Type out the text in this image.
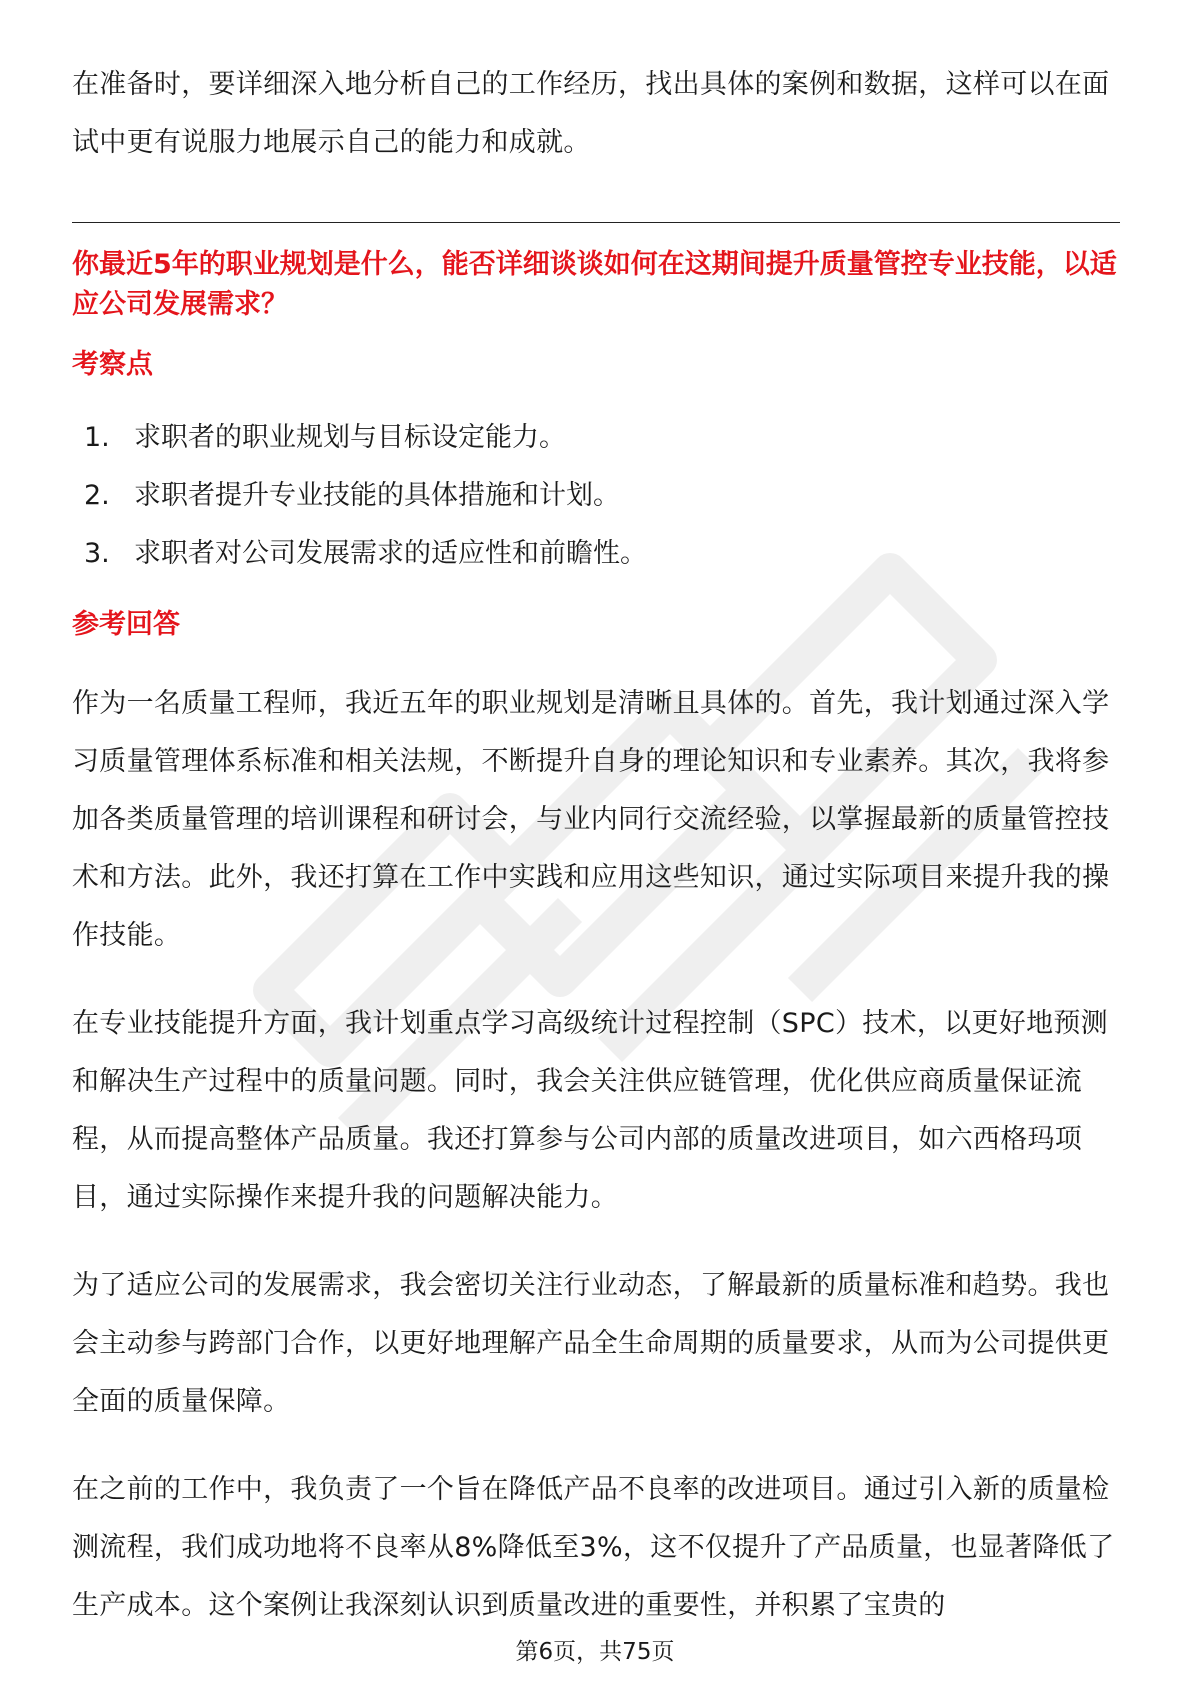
在准备时，要详细深入地分析自己的工作经历，找出具体的案例和数据，这样可以在面试中更有说服力地展示自己的能力和成就。

你最近5年的职业规划是什么，能否详细谈谈如何在这期间提升质量管控专业技能，以适应公司发展需求？

考察点

1. 求职者的职业规划与目标设定能力。
2. 求职者提升专业技能的具体措施和计划。
3. 求职者对公司发展需求的适应性和前瞻性。

参考回答

作为一名质量工程师，我近五年的职业规划是清晰且具体的。首先，我计划通过深入学习质量管理体系标准和相关法规，不断提升自身的理论知识和专业素养。其次，我将参加各类质量管理的培训课程和研讨会，与业内同行交流经验，以掌握最新的质量管控技术和方法。此外，我还打算在工作中实践和应用这些知识，通过实际项目来提升我的操作技能。

在专业技能提升方面，我计划重点学习高级统计过程控制（SPC）技术，以更好地预测和解决生产过程中的质量问题。同时，我会关注供应链管理，优化供应商质量保证流程，从而提高整体产品质量。我还打算参与公司内部的质量改进项目，如六西格玛项目，通过实际操作来提升我的问题解决能力。

为了适应公司的发展需求，我会密切关注行业动态，了解最新的质量标准和趋势。我也会主动参与跨部门合作，以更好地理解产品全生命周期的质量要求，从而为公司提供更全面的质量保障。

在之前的工作中，我负责了一个旨在降低产品不良率的改进项目。通过引入新的质量检测流程，我们成功地将不良率从8%降低至3%，这不仅提升了产品质量，也显著降低了生产成本。这个案例让我深刻认识到质量改进的重要性，并积累了宝贵的

第6页，共75页
